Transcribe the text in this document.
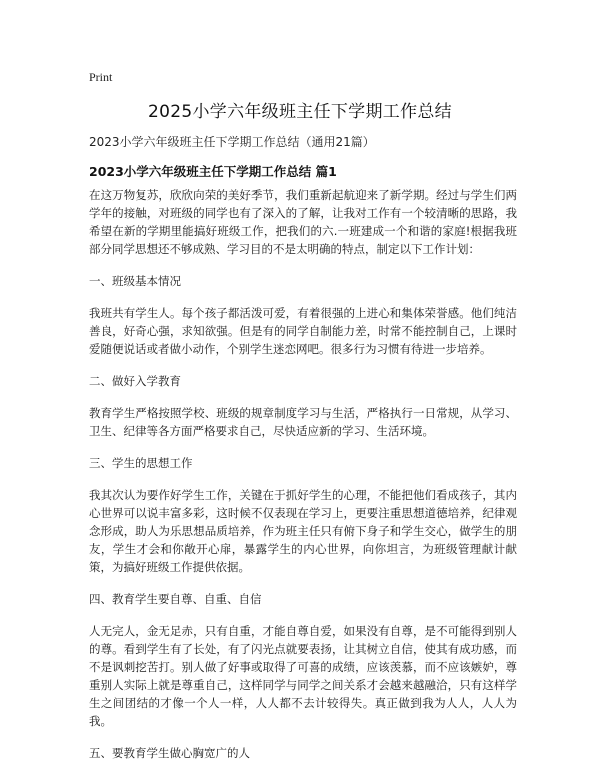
Print
2025小学六年级班主任下学期工作总结
2023小学六年级班主任下学期工作总结（通用21篇）
2023小学六年级班主任下学期工作总结 篇1

在这万物复苏，欣欣向荣的美好季节，我们重新起航迎来了新学期。经过与学生们两学年的接触，对班级的同学也有了深入的了解，让我对工作有一个较清晰的思路，我希望在新的学期里能搞好班级工作，把我们的六.一班建成一个和谐的家庭!根据我班部分同学思想还不够成熟、学习目的不是太明确的特点，制定以下工作计划：

一、班级基本情况

我班共有学生人。每个孩子都活泼可爱，有着很强的上进心和集体荣誉感。他们纯洁善良，好奇心强，求知欲强。但是有的同学自制能力差，时常不能控制自己，上课时爱随便说话或者做小动作，个别学生迷恋网吧。很多行为习惯有待进一步培养。

二、做好入学教育

教育学生严格按照学校、班级的规章制度学习与生活，严格执行一日常规，从学习、卫生、纪律等各方面严格要求自己，尽快适应新的学习、生活环境。

三、学生的思想工作

我其次认为要作好学生工作，关键在于抓好学生的心理，不能把他们看成孩子，其内心世界可以说丰富多彩，这时候不仅表现在学习上，更要注重思想道德培养，纪律观念形成，助人为乐思想品质培养，作为班主任只有俯下身子和学生交心，做学生的朋友，学生才会和你敞开心扉，暴露学生的内心世界，向你坦言，为班级管理献计献策，为搞好班级工作提供依据。

四、教育学生要自尊、自重、自信

人无完人，金无足赤，只有自重，才能自尊自爱，如果没有自尊，是不可能得到别人的尊。看到学生有了长处，有了闪光点就要表扬，让其树立自信，使其有成功感，而不是讽刺挖苦打。别人做了好事或取得了可喜的成绩，应该羡慕，而不应该嫉妒，尊重别人实际上就是尊重自己，这样同学与同学之间关系才会越来越融洽，只有这样学生之间团结的才像一个人一样，人人都不去计较得失。真正做到我为人人，人人为我。

五、要教育学生做心胸宽广的人
